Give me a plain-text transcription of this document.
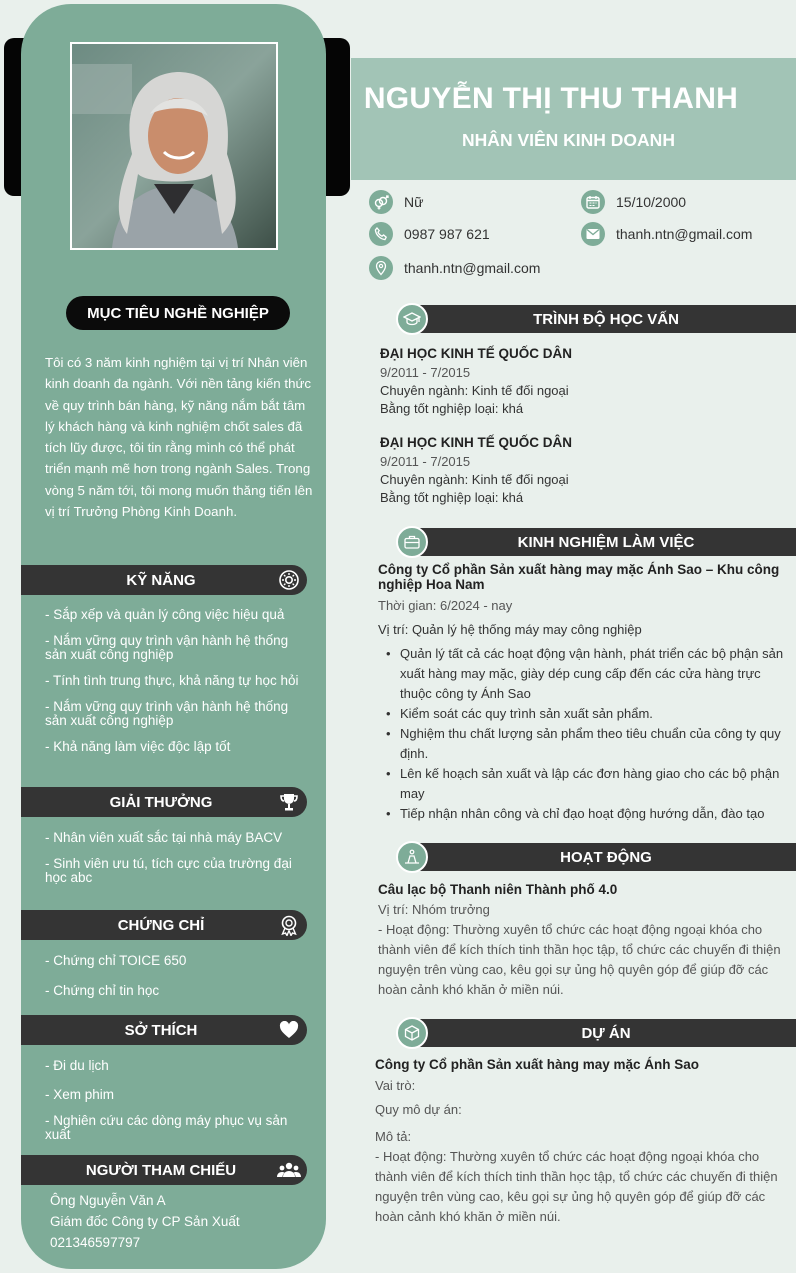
NGUYỄN THỊ THU THANH
NHÂN VIÊN KINH DOANH
MỤC TIÊU NGHỀ NGHIỆP
Tôi có 3 năm kinh nghiệm tại vị trí Nhân viên kinh doanh đa ngành. Với nền tảng kiến thức về quy trình bán hàng, kỹ năng nắm bắt tâm lý khách hàng và kinh nghiệm chốt sales đã tích lũy được, tôi tin rằng mình có thể phát triển mạnh mẽ hơn trong ngành Sales. Trong vòng 5 năm tới, tôi mong muốn thăng tiến lên vị trí Trưởng Phòng Kinh Doanh.
KỸ NĂNG
- Sắp xếp và quản lý công việc hiệu quả
- Nắm vững quy trình vận hành hệ thống sản xuất công nghiệp
- Tính tình trung thực, khả năng tự học hỏi
- Nắm vững quy trình vận hành hệ thống sản xuất công nghiệp
- Khả năng làm việc độc lập tốt
GIẢI THƯỞNG
- Nhân viên xuất sắc tại nhà máy BACV
- Sinh viên ưu tú, tích cực của trường đại học abc
CHỨNG CHỈ
- Chứng chỉ TOICE 650
- Chứng chỉ tin học
SỞ THÍCH
- Đi du lịch
- Xem phim
- Nghiên cứu các dòng máy phục vụ sản xuất
NGƯỜI THAM CHIẾU
Ông Nguyễn Văn A
Giám đốc Công ty CP Sản Xuất
021346597797
Nữ	15/10/2000
0987 987 621	thanh.ntn@gmail.com
thanh.ntn@gmail.com
TRÌNH ĐỘ HỌC VẤN
ĐẠI HỌC KINH TẾ QUỐC DÂN
9/2011 - 7/2015
Chuyên ngành: Kinh tế đối ngoại
Bằng tốt nghiệp loại: khá
ĐẠI HỌC KINH TẾ QUỐC DÂN
9/2011 - 7/2015
Chuyên ngành: Kinh tế đối ngoại
Bằng tốt nghiệp loại: khá
KINH NGHIỆM LÀM VIỆC
Công ty Cổ phần Sản xuất hàng may mặc Ánh Sao – Khu công nghiệp Hoa Nam
Thời gian: 6/2024 - nay
Vị trí: Quản lý hệ thống máy may công nghiệp
• Quản lý tất cả các hoạt động vận hành, phát triển các bộ phận sản xuất hàng may mặc, giày dép cung cấp đến các cửa hàng trực thuộc công ty Ánh Sao
• Kiểm soát các quy trình sản xuất sản phẩm.
• Nghiệm thu chất lượng sản phẩm theo tiêu chuẩn của công ty quy định.
• Lên kế hoạch sản xuất và lập các đơn hàng giao cho các bộ phận may
• Tiếp nhận nhân công và chỉ đạo hoạt động hướng dẫn, đào tạo
HOẠT ĐỘNG
Câu lạc bộ Thanh niên Thành phố 4.0
Vị trí: Nhóm trưởng
- Hoạt động: Thường xuyên tổ chức các hoạt động ngoại khóa cho thành viên để kích thích tinh thần học tập, tổ chức các chuyến đi thiện nguyện trên vùng cao, kêu gọi sự ủng hộ quyên góp để giúp đỡ các hoàn cảnh khó khăn ở miền núi.
DỰ ÁN
Công ty Cổ phần Sản xuất hàng may mặc Ánh Sao
Vai trò:
Quy mô dự án:
Mô tả:
- Hoạt động: Thường xuyên tổ chức các hoạt động ngoại khóa cho thành viên để kích thích tinh thần học tập, tổ chức các chuyến đi thiện nguyện trên vùng cao, kêu gọi sự ủng hộ quyên góp để giúp đỡ các hoàn cảnh khó khăn ở miền núi.
